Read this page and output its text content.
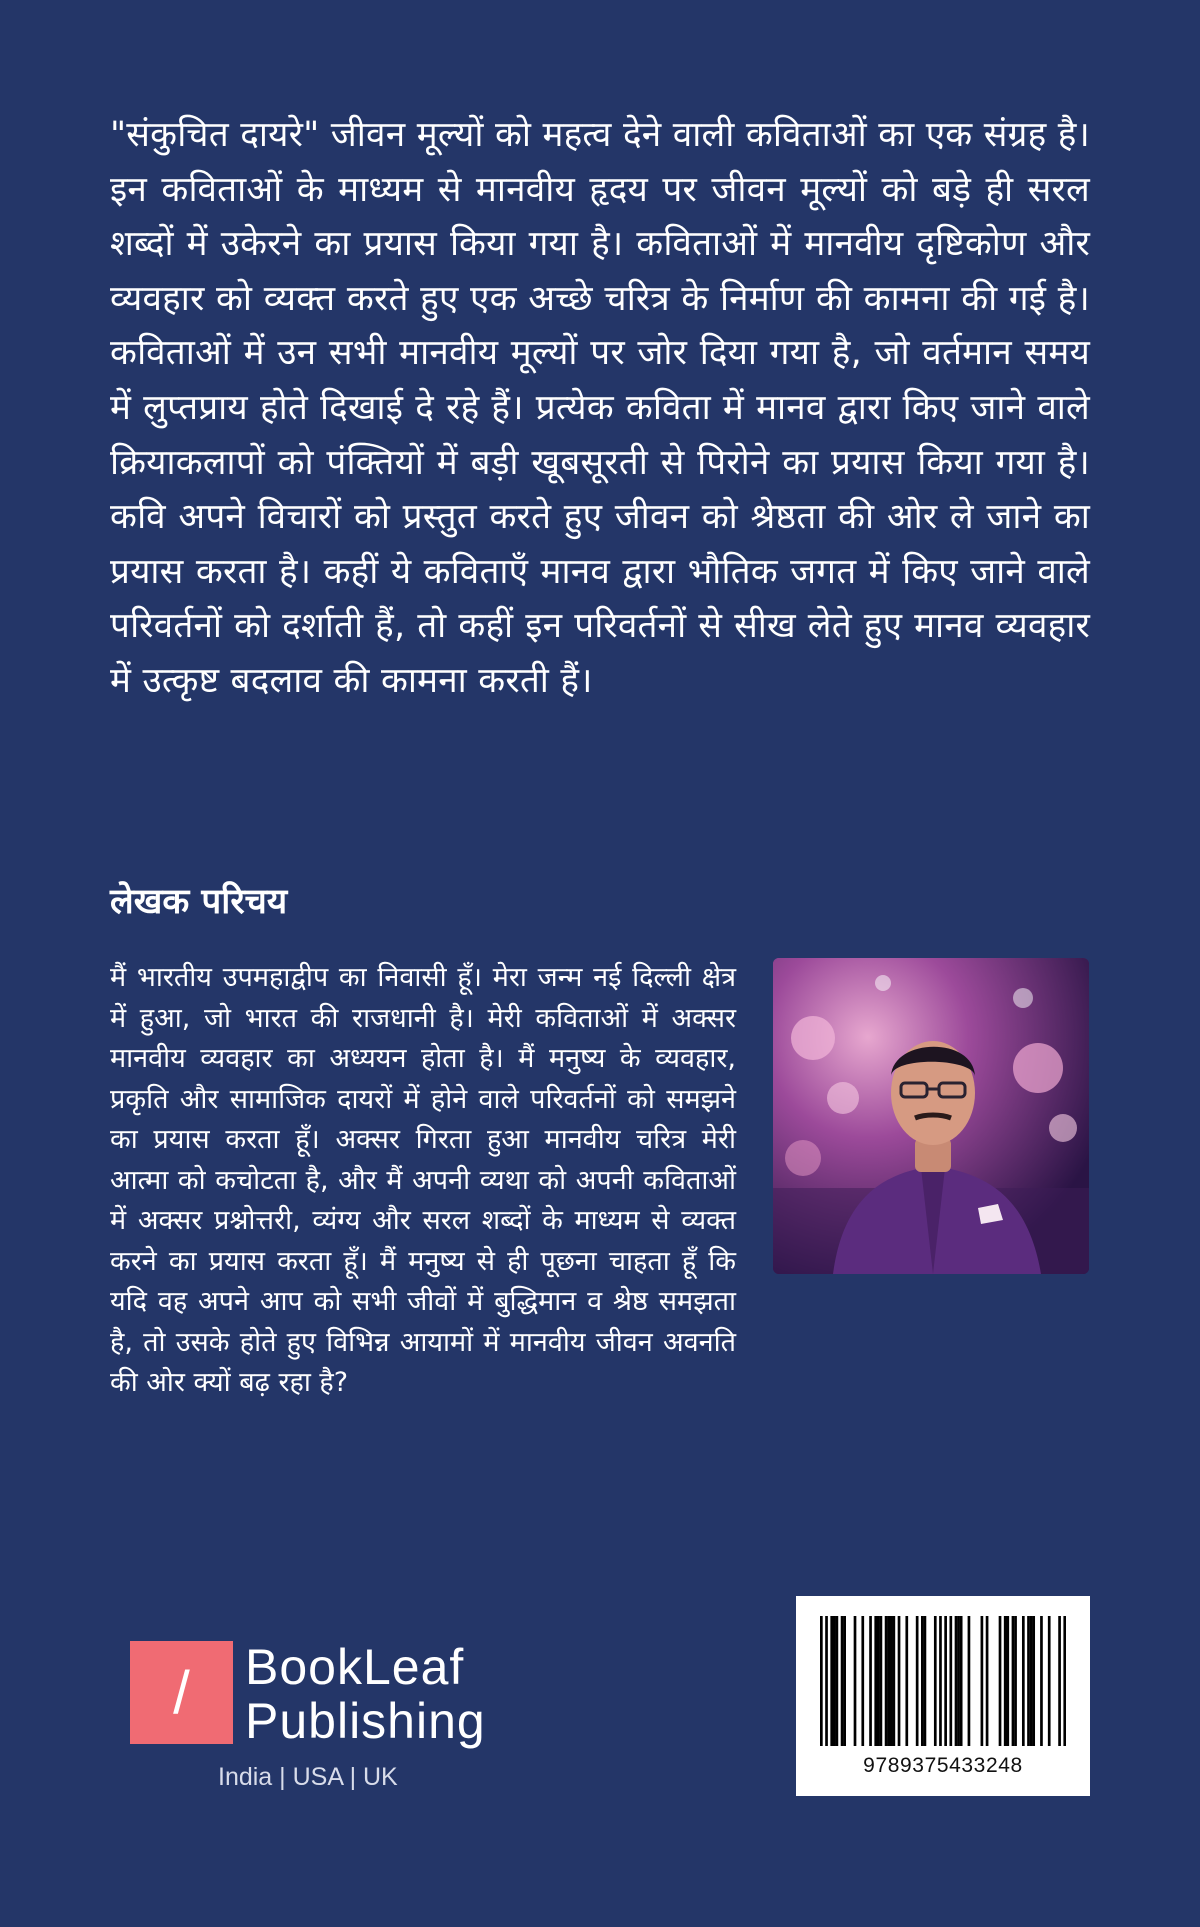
"संकुचित दायरे" जीवन मूल्यों को महत्व देने वाली कविताओं का एक संग्रह है। इन कविताओं के माध्यम से मानवीय हृदय पर जीवन मूल्यों को बड़े ही सरल शब्दों में उकेरने का प्रयास किया गया है। कविताओं में मानवीय दृष्टिकोण और व्यवहार को व्यक्त करते हुए एक अच्छे चरित्र के निर्माण की कामना की गई है। कविताओं में उन सभी मानवीय मूल्यों पर जोर दिया गया है, जो वर्तमान समय में लुप्तप्राय होते दिखाई दे रहे हैं। प्रत्येक कविता में मानव द्वारा किए जाने वाले क्रियाकलापों को पंक्तियों में बड़ी खूबसूरती से पिरोने का प्रयास किया गया है। कवि अपने विचारों को प्रस्तुत करते हुए जीवन को श्रेष्ठता की ओर ले जाने का प्रयास करता है। कहीं ये कविताएँ मानव द्वारा भौतिक जगत में किए जाने वाले परिवर्तनों को दर्शाती हैं, तो कहीं इन परिवर्तनों से सीख लेते हुए मानव व्यवहार में उत्कृष्ट बदलाव की कामना करती हैं।
लेखक परिचय
मैं भारतीय उपमहाद्वीप का निवासी हूँ। मेरा जन्म नई दिल्ली क्षेत्र में हुआ, जो भारत की राजधानी है। मेरी कविताओं में अक्सर मानवीय व्यवहार का अध्ययन होता है। मैं मनुष्य के व्यवहार, प्रकृति और सामाजिक दायरों में होने वाले परिवर्तनों को समझने का प्रयास करता हूँ। अक्सर गिरता हुआ मानवीय चरित्र मेरी आत्मा को कचोटता है, और मैं अपनी व्यथा को अपनी कविताओं में अक्सर प्रश्नोत्तरी, व्यंग्य और सरल शब्दों के माध्यम से व्यक्त करने का प्रयास करता हूँ। मैं मनुष्य से ही पूछना चाहता हूँ कि यदि वह अपने आप को सभी जीवों में बुद्धिमान व श्रेष्ठ समझता है, तो उसके होते हुए विभिन्न आयामों में मानवीय जीवन अवनति की ओर क्यों बढ़ रहा है?
/	BookLeaf
Publishing
India | USA | UK	9789375433248
